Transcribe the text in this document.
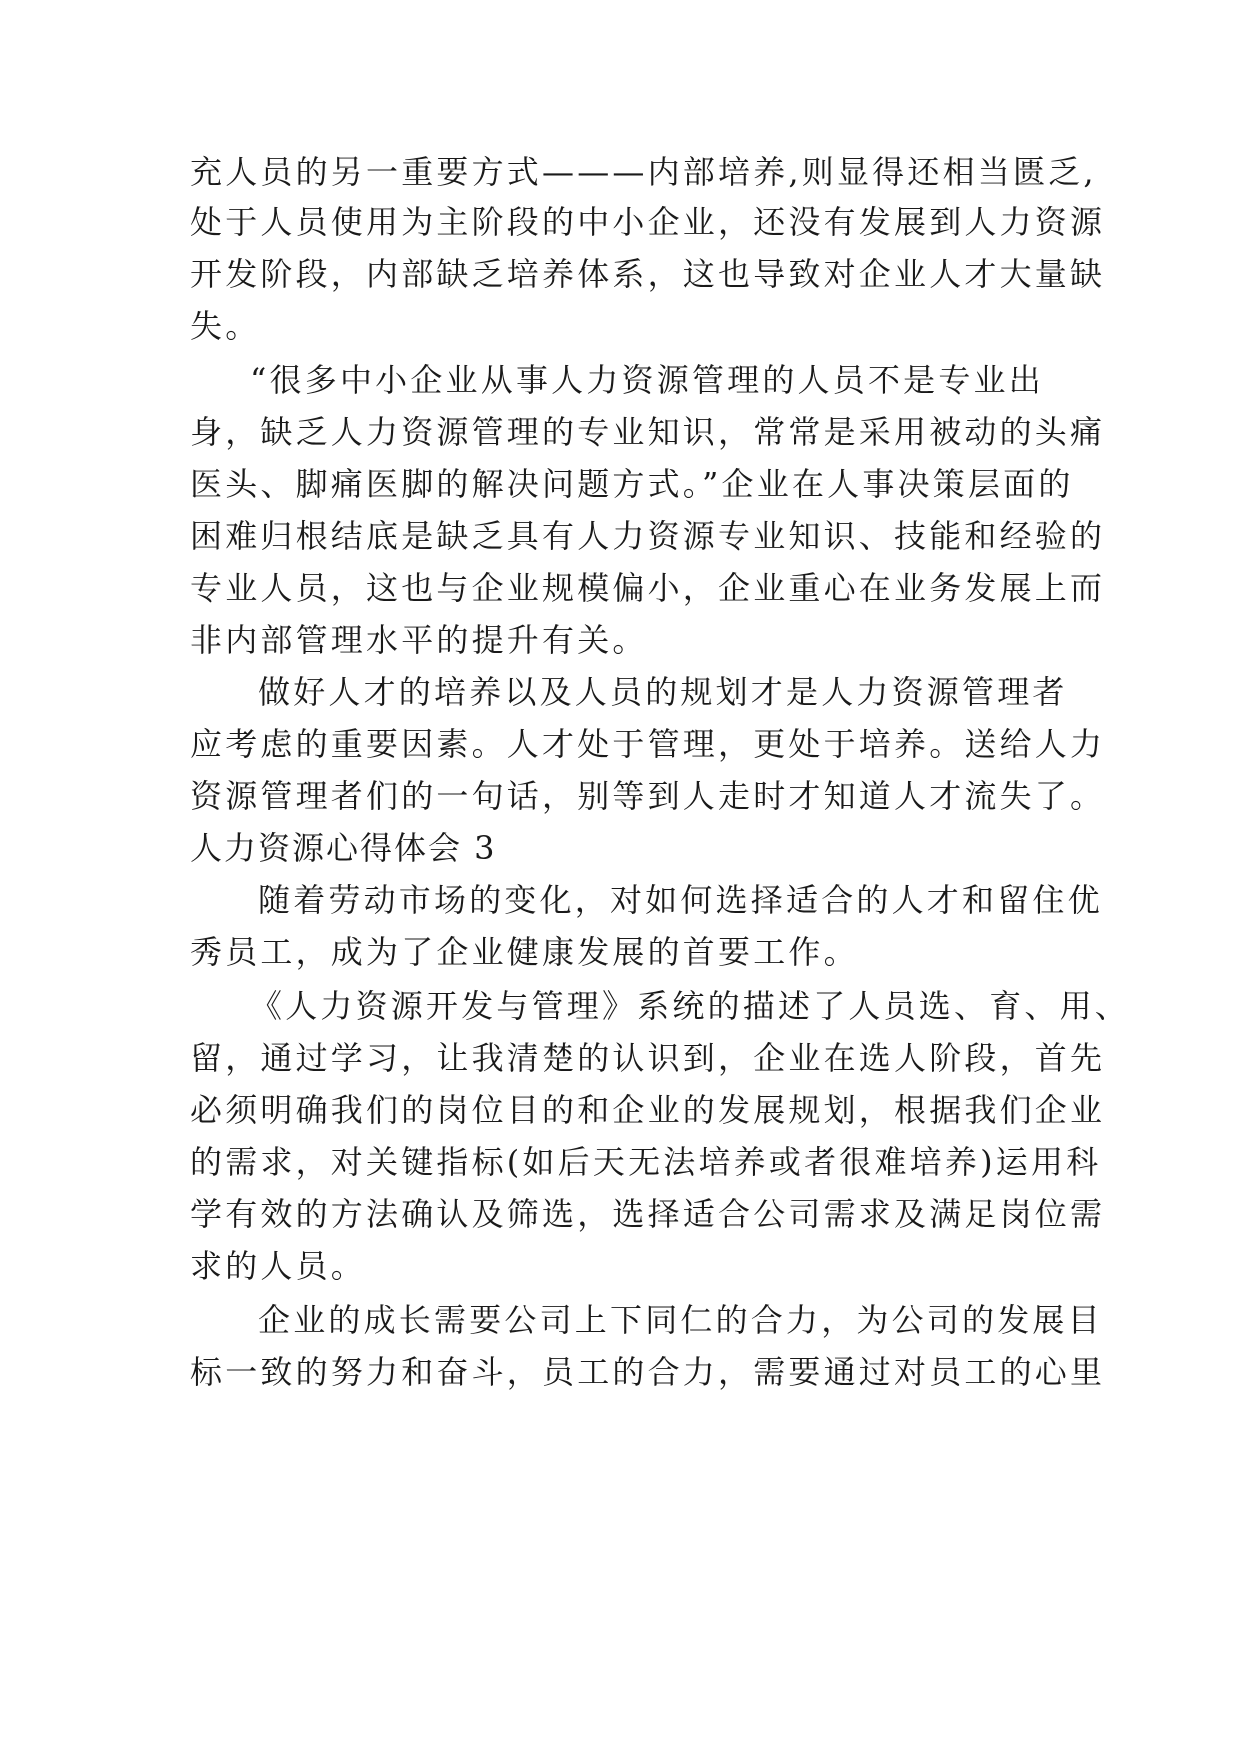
充人员的另一重要方式———内部培养,则显得还相当匮乏,
处于人员使用为主阶段的中小企业，还没有发展到人力资源
开发阶段，内部缺乏培养体系，这也导致对企业人才大量缺
失。
“很多中小企业从事人力资源管理的人员不是专业出
身，缺乏人力资源管理的专业知识，常常是采用被动的头痛
医头、脚痛医脚的解决问题方式。”企业在人事决策层面的
困难归根结底是缺乏具有人力资源专业知识、技能和经验的
专业人员，这也与企业规模偏小，企业重心在业务发展上而
非内部管理水平的提升有关。
做好人才的培养以及人员的规划才是人力资源管理者
应考虑的重要因素。人才处于管理，更处于培养。送给人力
资源管理者们的一句话，别等到人走时才知道人才流失了。
人力资源心得体会 3
随着劳动市场的变化，对如何选择适合的人才和留住优
秀员工，成为了企业健康发展的首要工作。
《人力资源开发与管理》系统的描述了人员选、育、用、
留，通过学习，让我清楚的认识到，企业在选人阶段，首先
必须明确我们的岗位目的和企业的发展规划，根据我们企业
的需求，对关键指标(如后天无法培养或者很难培养)运用科
学有效的方法确认及筛选，选择适合公司需求及满足岗位需
求的人员。
企业的成长需要公司上下同仁的合力，为公司的发展目
标一致的努力和奋斗，员工的合力，需要通过对员工的心里
